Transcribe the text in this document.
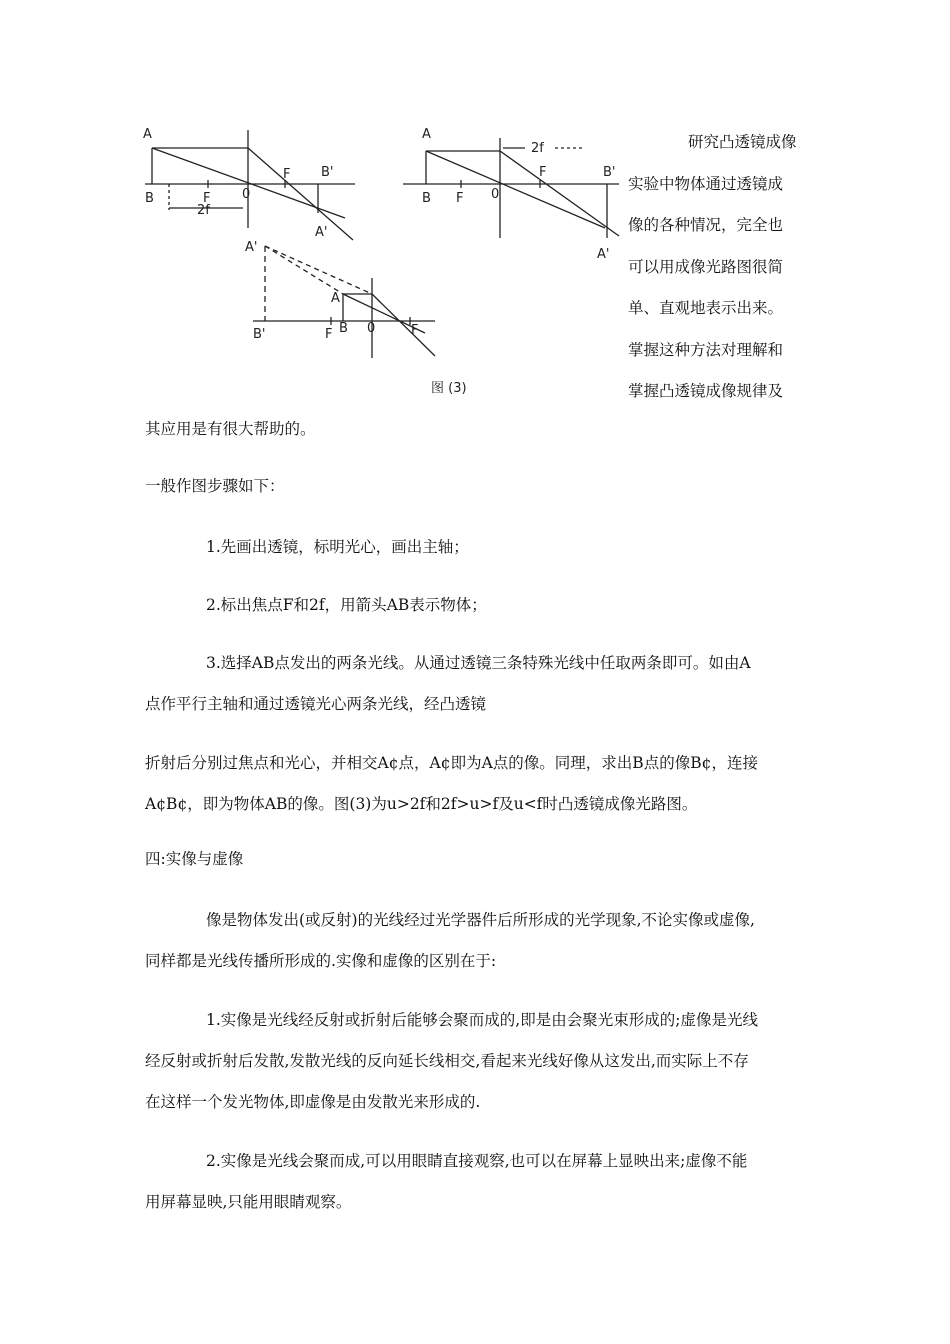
A
B	F 0
F B'
A'
2f
A
B F 0
F	B'
A'
2f
A'
B'	F B
A
0	F
图 (3)
研究凸透镜成像
实验中物体通过透镜成
像的各种情况，完全也
可以用成像光路图很简
单、直观地表示出来。
掌握这种方法对理解和
掌握凸透镜成像规律及

其应用是有很大帮助的。

一般作图步骤如下：

1.先画出透镜，标明光心，画出主轴；

2.标出焦点F和2f，用箭头AB表示物体；

3.选择AB点发出的两条光线。从通过透镜三条特殊光线中任取两条即可。如由A

点作平行主轴和通过透镜光心两条光线，经凸透镜

折射后分别过焦点和光心，并相交A¢点，A¢即为A点的像。同理，求出B点的像B¢，连接

A¢B¢，即为物体AB的像。图(3)为u>2f和2f>u>f及u<f时凸透镜成像光路图。

四:实像与虚像

像是物体发出(或反射)的光线经过光学器件后所形成的光学现象,不论实像或虚像,

同样都是光线传播所形成的.实像和虚像的区别在于:

1.实像是光线经反射或折射后能够会聚而成的,即是由会聚光束形成的;虚像是光线

经反射或折射后发散,发散光线的反向延长线相交,看起来光线好像从这发出,而实际上不存

在这样一个发光物体,即虚像是由发散光来形成的.

2.实像是光线会聚而成,可以用眼睛直接观察,也可以在屏幕上显映出来;虚像不能

用屏幕显映,只能用眼睛观察。
